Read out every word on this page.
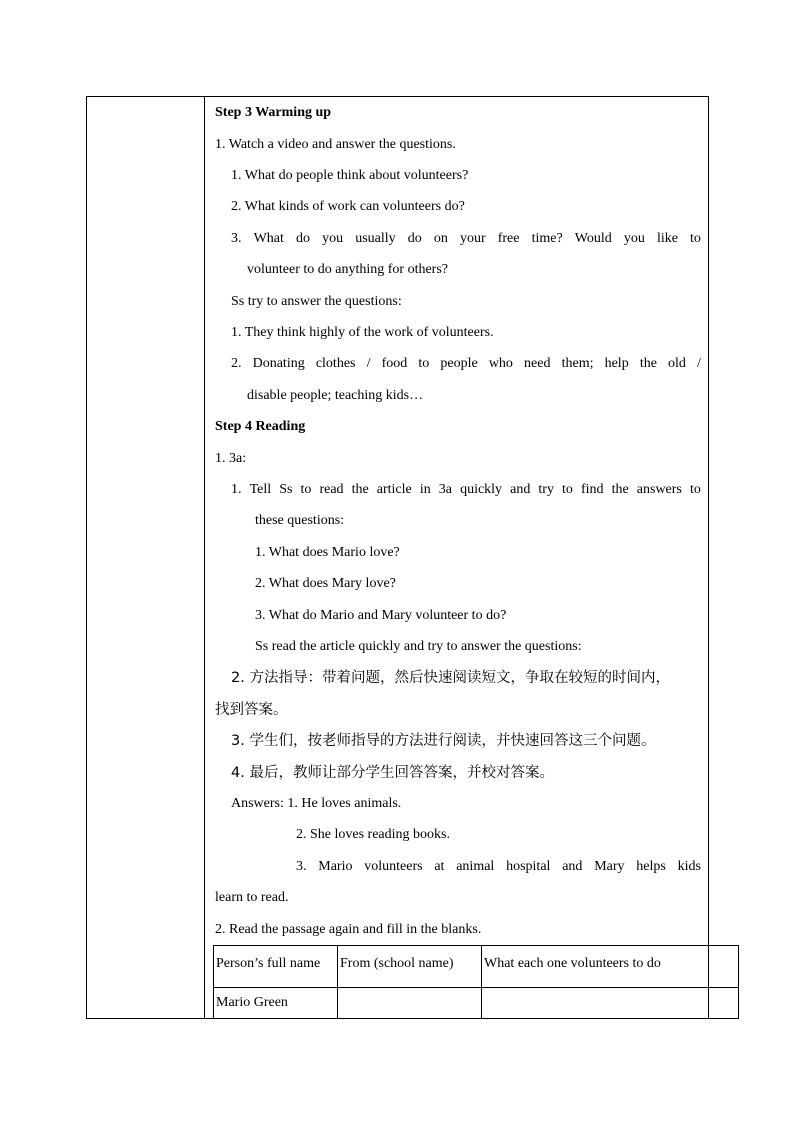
Step 3 Warming up
1. Watch a video and answer the questions.
1. What do people think about volunteers?
2. What kinds of work can volunteers do?
3. What do you usually do on your free time? Would you like to
volunteer to do anything for others?
Ss try to answer the questions:
1. They think highly of the work of volunteers.
2. Donating clothes / food to people who need them; help the old /
disable people; teaching kids…
Step 4 Reading
1. 3a:
1. Tell Ss to read the article in 3a quickly and try to find the answers to
these questions:
1. What does Mario love?
2. What does Mary love?
3. What do Mario and Mary volunteer to do?
Ss read the article quickly and try to answer the questions:
2. 方法指导：带着问题，然后快速阅读短文，争取在较短的时间内，
找到答案。
3. 学生们，按老师指导的方法进行阅读，并快速回答这三个问题。
4. 最后，教师让部分学生回答答案，并校对答案。
Answers: 1. He loves animals.
2. She loves reading books.
3. Mario volunteers at animal hospital and Mary helps kids
learn to read.
2. Read the passage again and fill in the blanks.
Person’s full name From (school name) What each one volunteers to do
Mario Green
